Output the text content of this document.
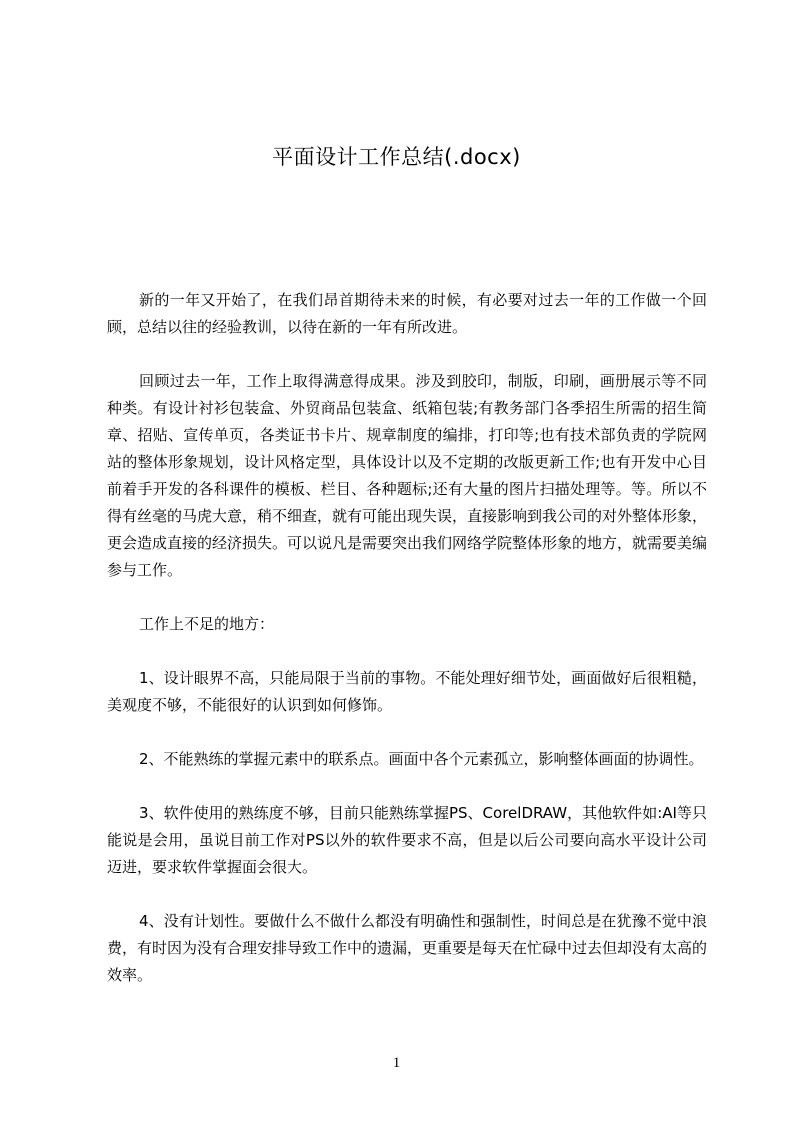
平面设计工作总结(.docx)

新的一年又开始了，在我们昂首期待未来的时候，有必要对过去一年的工作做一个回顾，总结以往的经验教训，以待在新的一年有所改进。

回顾过去一年，工作上取得满意得成果。涉及到胶印，制版，印刷，画册展示等不同种类。有设计衬衫包装盒、外贸商品包装盒、纸箱包装;有教务部门各季招生所需的招生简章、招贴、宣传单页，各类证书卡片、规章制度的编排，打印等;也有技术部负责的学院网站的整体形象规划，设计风格定型，具体设计以及不定期的改版更新工作;也有开发中心目前着手开发的各科课件的模板、栏目、各种题标;还有大量的图片扫描处理等。等。所以不得有丝毫的马虎大意，稍不细查，就有可能出现失误，直接影响到我公司的对外整体形象，更会造成直接的经济损失。可以说凡是需要突出我们网络学院整体形象的地方，就需要美编参与工作。

工作上不足的地方：

1、设计眼界不高，只能局限于当前的事物。不能处理好细节处，画面做好后很粗糙，美观度不够，不能很好的认识到如何修饰。

2、不能熟练的掌握元素中的联系点。画面中各个元素孤立，影响整体画面的协调性。

3、软件使用的熟练度不够，目前只能熟练掌握PS、CorelDRAW，其他软件如:AI等只能说是会用，虽说目前工作对PS以外的软件要求不高，但是以后公司要向高水平设计公司迈进，要求软件掌握面会很大。

4、没有计划性。要做什么不做什么都没有明确性和强制性，时间总是在犹豫不觉中浪费，有时因为没有合理安排导致工作中的遗漏，更重要是每天在忙碌中过去但却没有太高的效率。

1
